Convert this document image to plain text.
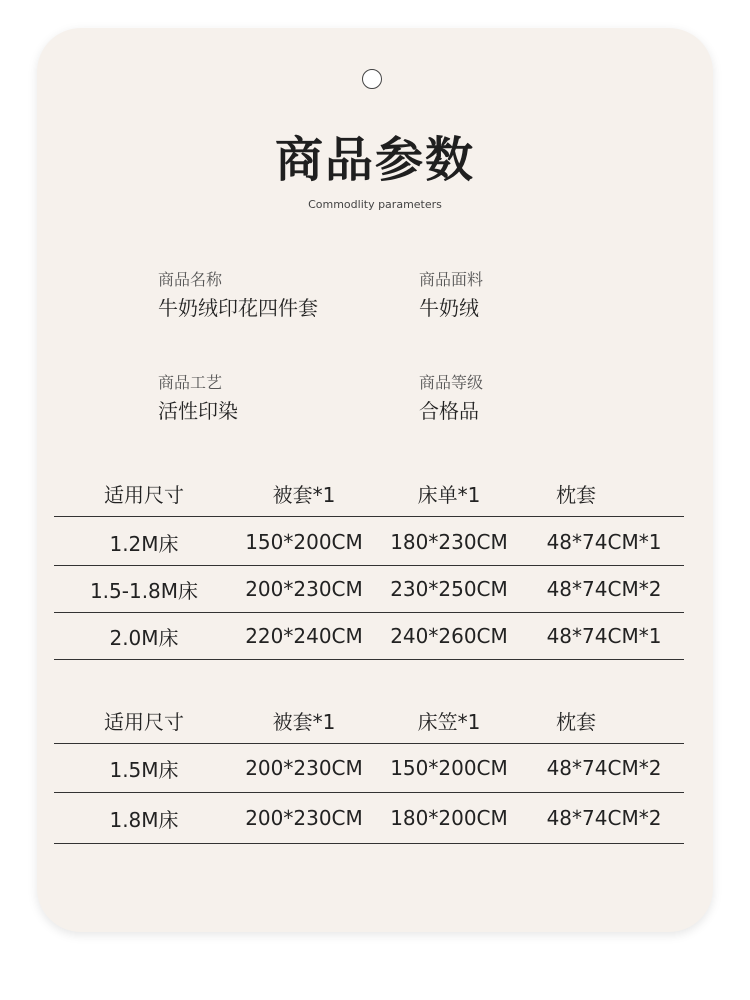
商品参数
Commodlity parameters
商品名称
牛奶绒印花四件套
商品面料
牛奶绒
商品工艺
活性印染
商品等级
合格品
适用尺寸	被套*1	床单*1	枕套
1.2M床	150*200CM	180*230CM	48*74CM*1
1.5-1.8M床	200*230CM	230*250CM	48*74CM*2
2.0M床	220*240CM	240*260CM	48*74CM*1
适用尺寸	被套*1	床笠*1	枕套
1.5M床	200*230CM	150*200CM	48*74CM*2
1.8M床	200*230CM	180*200CM	48*74CM*2
